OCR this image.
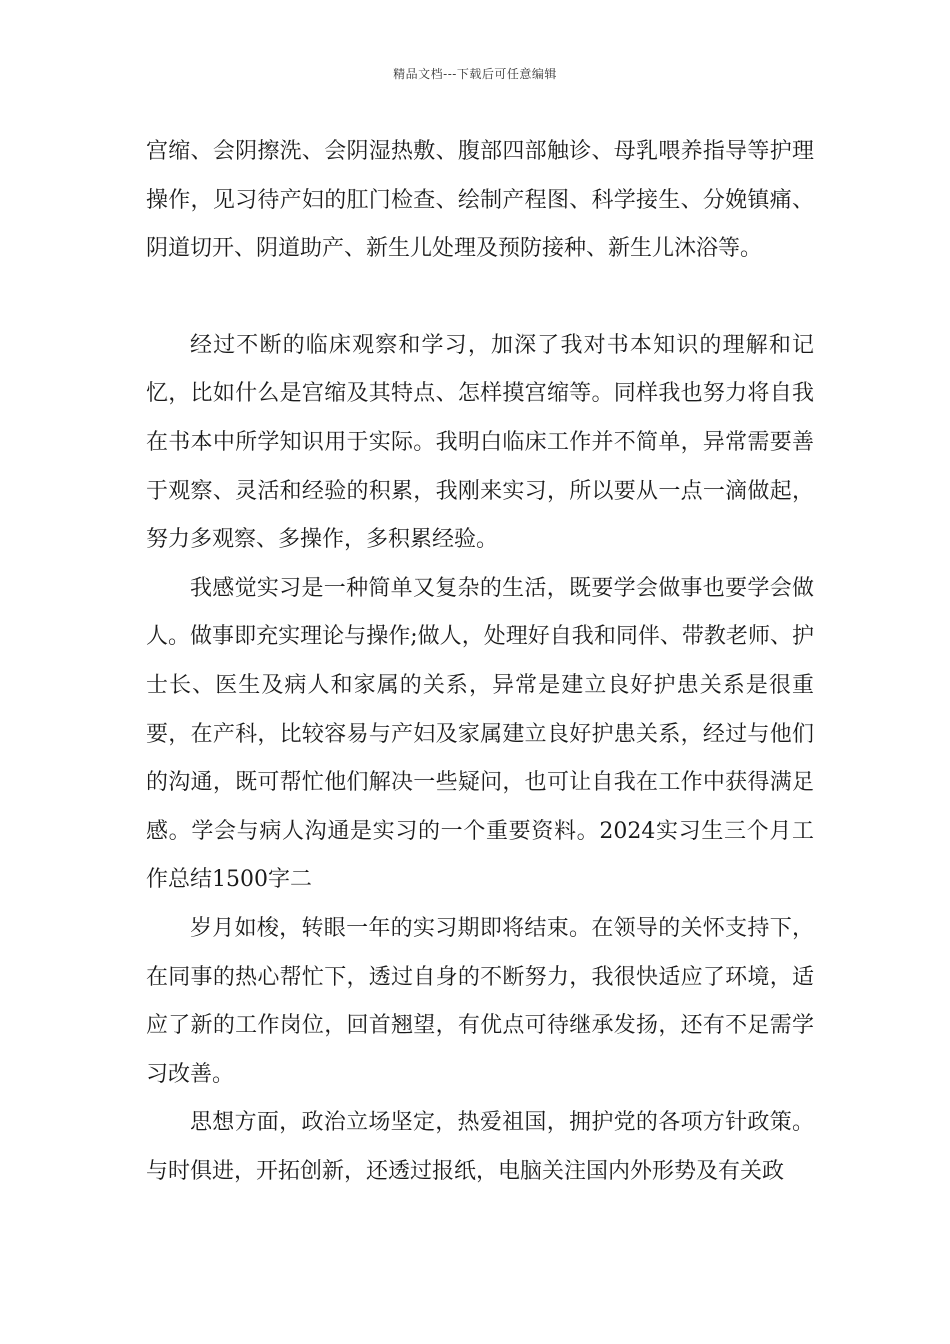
精品文档---下载后可任意编辑

宫缩、会阴擦洗、会阴湿热敷、腹部四部触诊、母乳喂养指导等护理操作，见习待产妇的肛门检查、绘制产程图、科学接生、分娩镇痛、阴道切开、阴道助产、新生儿处理及预防接种、新生儿沐浴等。

经过不断的临床观察和学习，加深了我对书本知识的理解和记忆，比如什么是宫缩及其特点、怎样摸宫缩等。同样我也努力将自我在书本中所学知识用于实际。我明白临床工作并不简单，异常需要善于观察、灵活和经验的积累，我刚来实习，所以要从一点一滴做起，努力多观察、多操作，多积累经验。

我感觉实习是一种简单又复杂的生活，既要学会做事也要学会做人。做事即充实理论与操作;做人，处理好自我和同伴、带教老师、护士长、医生及病人和家属的关系，异常是建立良好护患关系是很重要，在产科，比较容易与产妇及家属建立良好护患关系，经过与他们的沟通，既可帮忙他们解决一些疑问，也可让自我在工作中获得满足感。学会与病人沟通是实习的一个重要资料。2024实习生三个月工作总结1500字二

岁月如梭，转眼一年的实习期即将结束。在领导的关怀支持下，在同事的热心帮忙下，透过自身的不断努力，我很快适应了环境，适应了新的工作岗位，回首翘望，有优点可待继承发扬，还有不足需学习改善。

思想方面，政治立场坚定，热爱祖国，拥护党的各项方针政策。与时俱进，开拓创新，还透过报纸，电脑关注国内外形势及有关政
